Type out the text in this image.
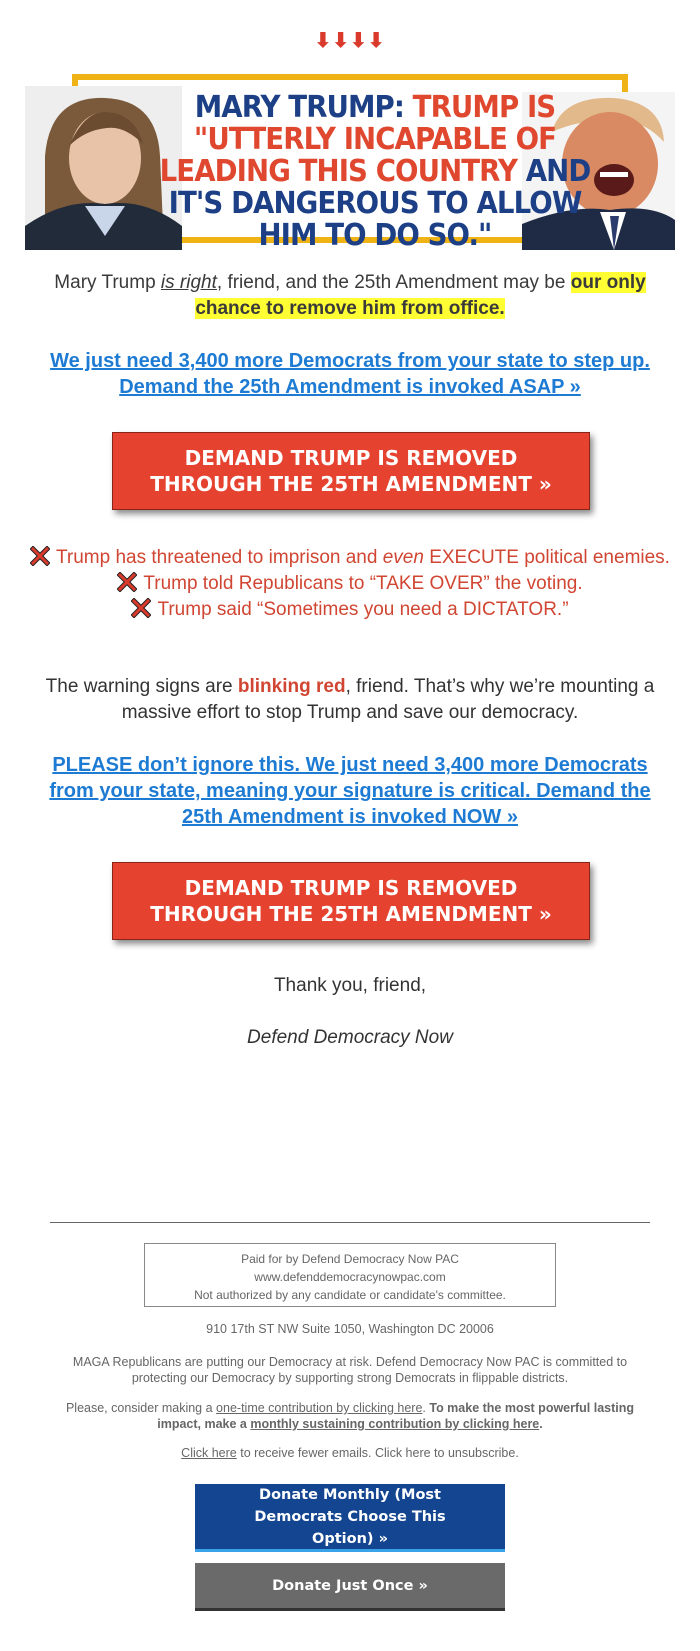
⬇⬇⬇⬇
MARY TRUMP: TRUMP IS "UTTERLY INCAPABLE OF LEADING THIS COUNTRY AND IT'S DANGEROUS TO ALLOW HIM TO DO SO."
Mary Trump is right, friend, and the 25th Amendment may be our only chance to remove him from office.
We just need 3,400 more Democrats from your state to step up. Demand the 25th Amendment is invoked ASAP »
DEMAND TRUMP IS REMOVED THROUGH THE 25TH AMENDMENT »
Trump has threatened to imprison and even EXECUTE political enemies.
Trump told Republicans to “TAKE OVER” the voting.
Trump said “Sometimes you need a DICTATOR.”
The warning signs are blinking red, friend. That’s why we’re mounting a massive effort to stop Trump and save our democracy.
PLEASE don’t ignore this. We just need 3,400 more Democrats from your state, meaning your signature is critical. Demand the 25th Amendment is invoked NOW »
DEMAND TRUMP IS REMOVED THROUGH THE 25TH AMENDMENT »
Thank you, friend,
Defend Democracy Now
Paid for by Defend Democracy Now PAC
www.defenddemocracynowpac.com
Not authorized by any candidate or candidate's committee.
910 17th ST NW Suite 1050, Washington DC 20006
MAGA Republicans are putting our Democracy at risk. Defend Democracy Now PAC is committed to protecting our Democracy by supporting strong Democrats in flippable districts.
Please, consider making a one-time contribution by clicking here. To make the most powerful lasting impact, make a monthly sustaining contribution by clicking here.
Click here to receive fewer emails. Click here to unsubscribe.
Donate Monthly (Most Democrats Choose This Option) »
Donate Just Once »
